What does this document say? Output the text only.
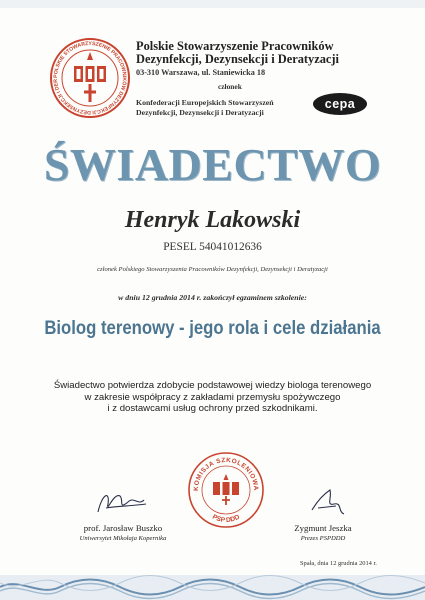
POLSKIE STOWARZYSZENIE PRACOWNIKÓW DEZYNFEKCJI DEZYNSEKCJI I DER
Polskie Stowarzyszenie Pracowników
Dezynfekcji, Dezynsekcji i Deratyzacji
03-310 Warszawa, ul. Staniewicka 18
członek
Konfederacji Europejskich Stowarzyszeń
Dezynfekcji, Dezynsekcji i Deratyzacji
cepa
ŚWIADECTWO
Henryk Lakowski
PESEL 54041012636
członek Polskiego Stowarzyszenia Pracowników Dezynfekcji, Dezynsekcji i Deratyzacji
w dniu 12 grudnia 2014 r. zakończył egzaminem szkolenie:
Biolog terenowy - jego rola i cele działania
Świadectwo potwierdza zdobycie podstawowej wiedzy biologa terenowego
w zakresie współpracy z zakładami przemysłu spożywczego
i z dostawcami usług ochrony przed szkodnikami.
prof. Jarosław Buszko
Uniwersytet Mikołaja Kopernika
KOMISJA SZKOLENIOWA
PSP DDD
Zygmunt Jeszka
Prezes PSPDDD
Spała, dnia 12 grudnia 2014 r.
